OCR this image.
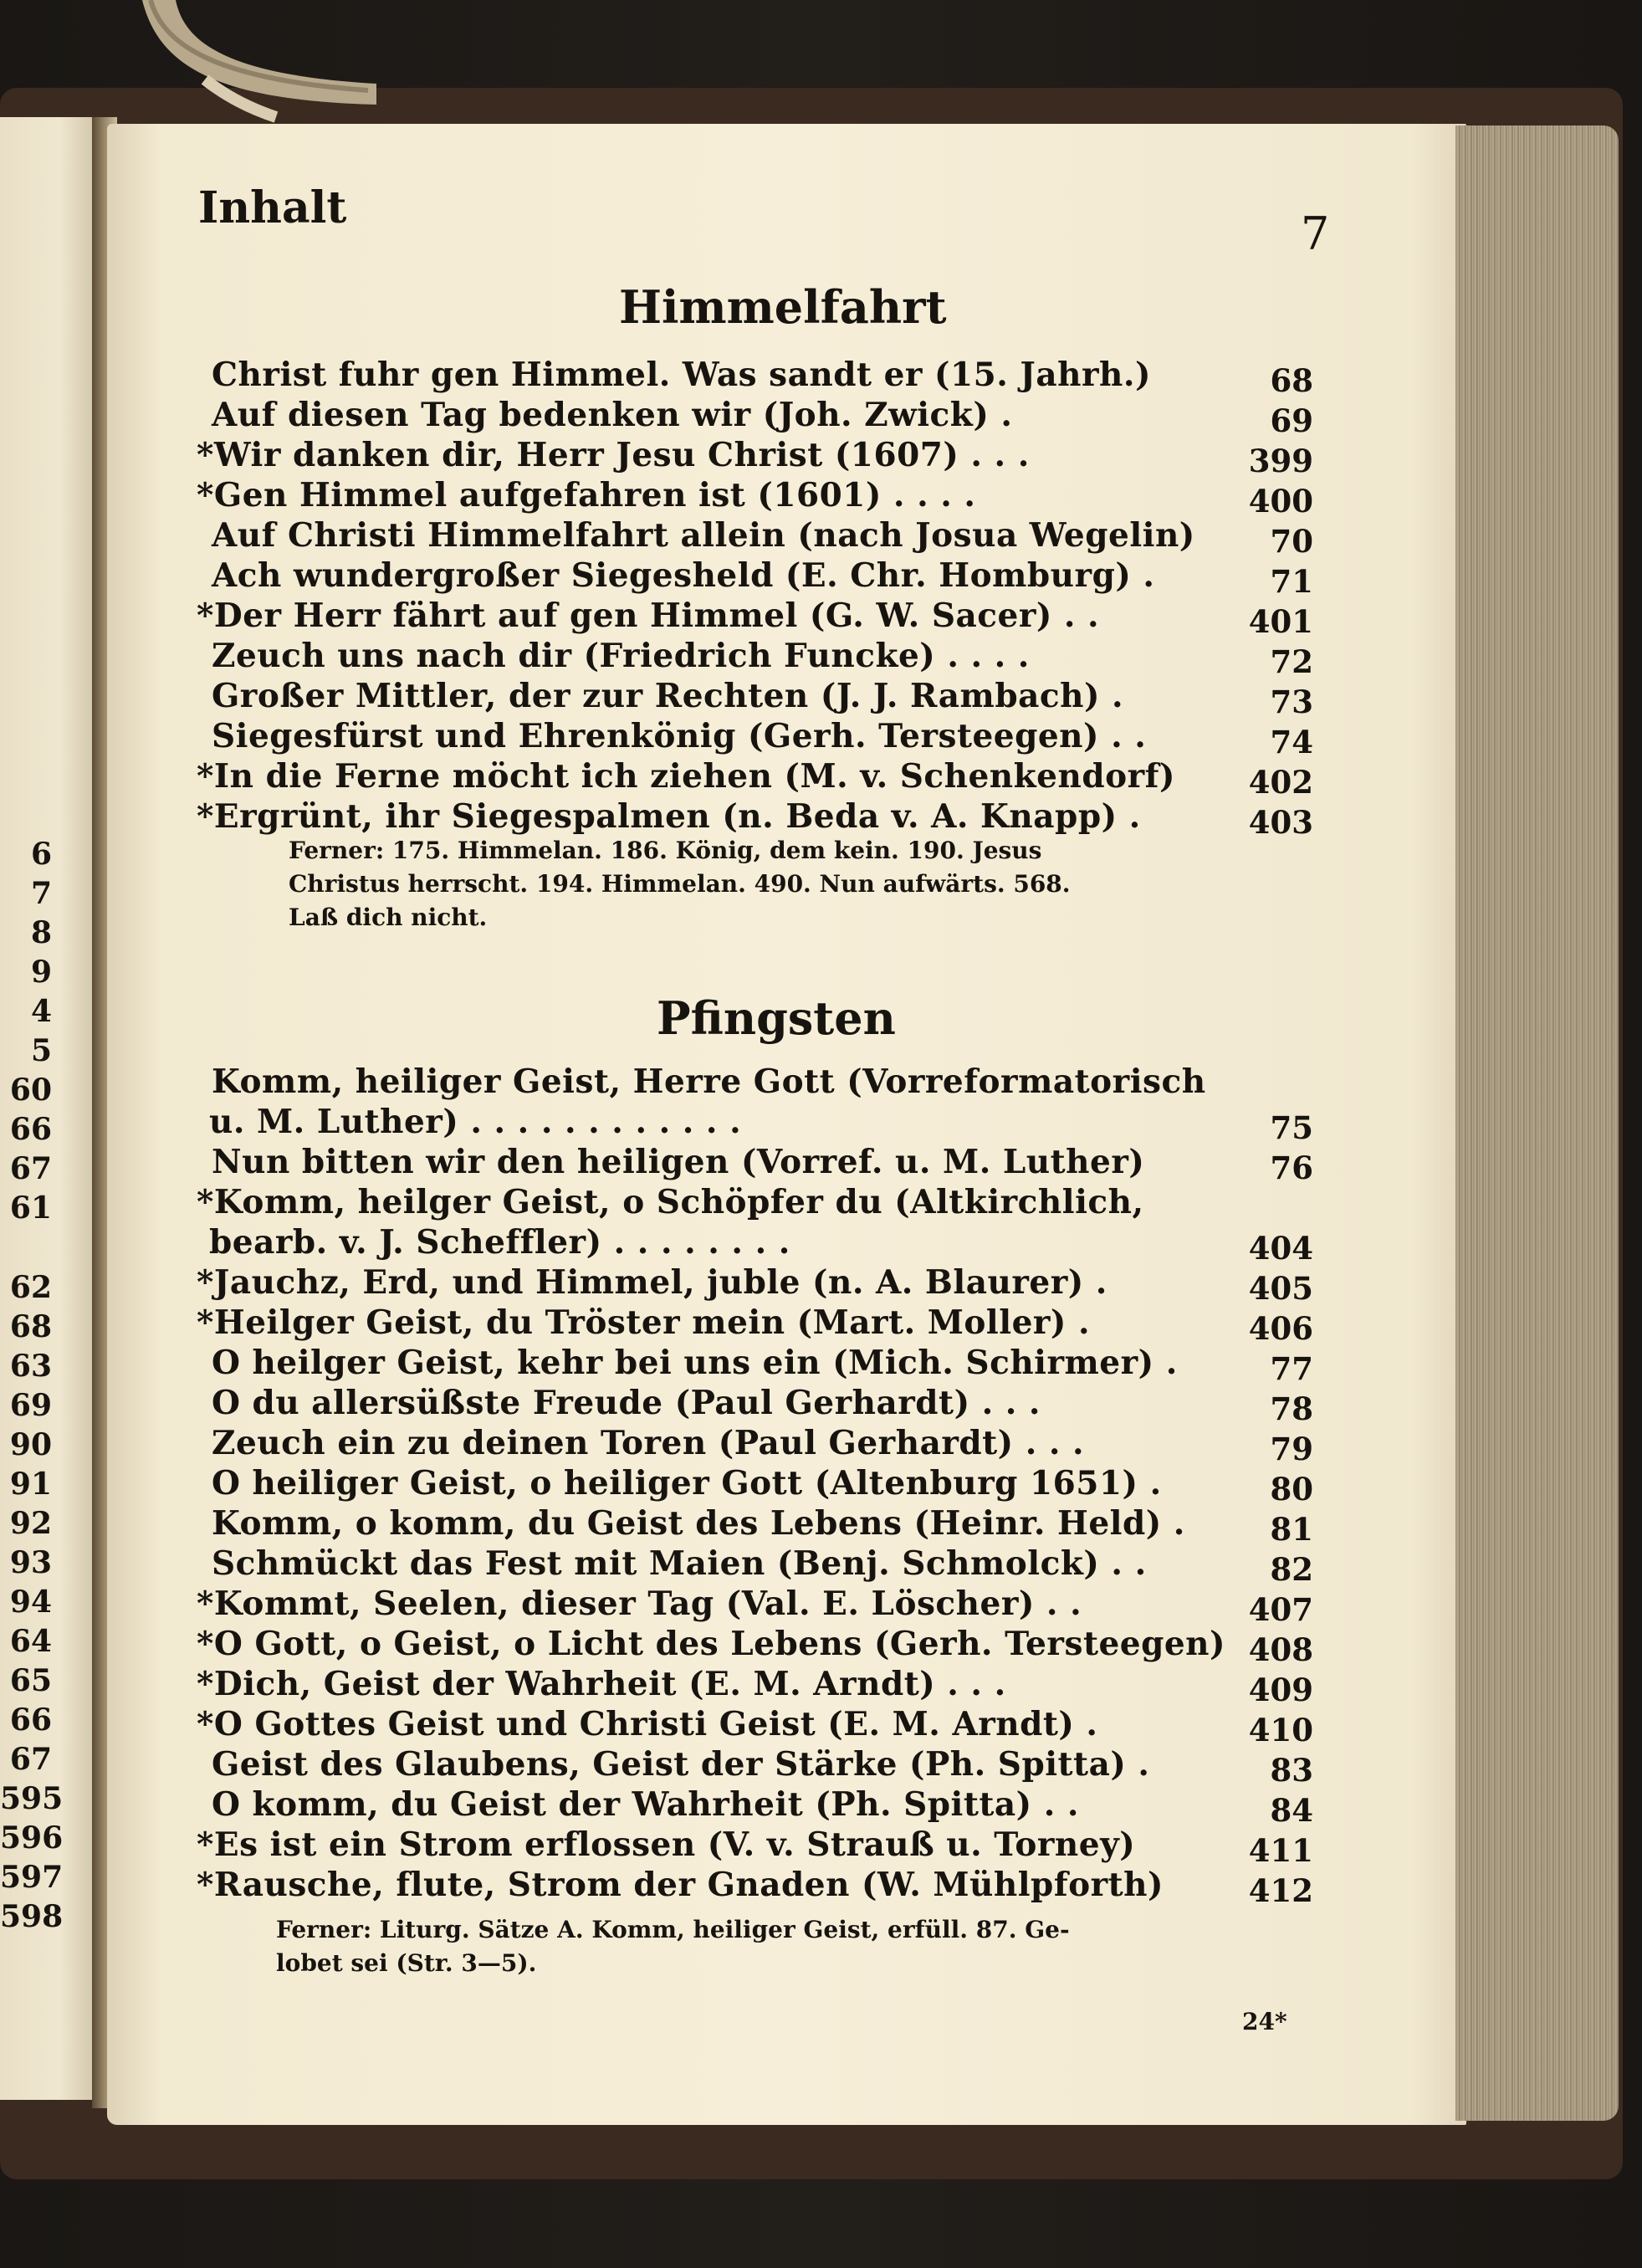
6
7
8
9
4
5
60
66
67
61
62
68
63
69
90
91
92
93
94
64
65
66
67
595
596
597
598
Inhalt	7
Himmelfahrt
Christ fuhr gen Himmel. Was sandt er (15. Jahrh.)	68
Auf diesen Tag bedenken wir (Joh. Zwick) .	69
*Wir danken dir, Herr Jesu Christ (1607) . . .	399
*Gen Himmel aufgefahren ist (1601) . . . .	400
Auf Christi Himmelfahrt allein (nach Josua Wegelin)	70
Ach wundergroßer Siegesheld (E. Chr. Homburg) .	71
*Der Herr fährt auf gen Himmel (G. W. Sacer) . .	401
Zeuch uns nach dir (Friedrich Funcke) . . . .	72
Großer Mittler, der zur Rechten (J. J. Rambach) .	73
Siegesfürst und Ehrenkönig (Gerh. Tersteegen) . .	74
*In die Ferne möcht ich ziehen (M. v. Schenkendorf)	402
*Ergrünt, ihr Siegespalmen (n. Beda v. A. Knapp) .	403
Ferner: 175. Himmelan. 186. König, dem kein. 190. Jesus
Christus herrscht. 194. Himmelan. 490. Nun aufwärts. 568.
Laß dich nicht.
Pfingsten
Komm, heiliger Geist, Herre Gott (Vorreformatorisch
u. M. Luther) . . . . . . . . . . . .	75
Nun bitten wir den heiligen (Vorref. u. M. Luther)	76
*Komm, heilger Geist, o Schöpfer du (Altkirchlich,
bearb. v. J. Scheffler) . . . . . . . .	404
*Jauchz, Erd, und Himmel, juble (n. A. Blaurer) .	405
*Heilger Geist, du Tröster mein (Mart. Moller) .	406
O heilger Geist, kehr bei uns ein (Mich. Schirmer) .	77
O du allersüßste Freude (Paul Gerhardt) . . .	78
Zeuch ein zu deinen Toren (Paul Gerhardt) . . .	79
O heiliger Geist, o heiliger Gott (Altenburg 1651) .	80
Komm, o komm, du Geist des Lebens (Heinr. Held) .	81
Schmückt das Fest mit Maien (Benj. Schmolck) . .	82
*Kommt, Seelen, dieser Tag (Val. E. Löscher) . .	407
*O Gott, o Geist, o Licht des Lebens (Gerh. Tersteegen) 408
*Dich, Geist der Wahrheit (E. M. Arndt) . . .	409
*O Gottes Geist und Christi Geist (E. M. Arndt) .	410
Geist des Glaubens, Geist der Stärke (Ph. Spitta) .	83
O komm, du Geist der Wahrheit (Ph. Spitta) . .	84
*Es ist ein Strom erflossen (V. v. Strauß u. Torney)	411
*Rausche, flute, Strom der Gnaden (W. Mühlpforth)	412
Ferner: Liturg. Sätze A. Komm, heiliger Geist, erfüll. 87. Ge-
lobet sei (Str. 3—5).
24*
